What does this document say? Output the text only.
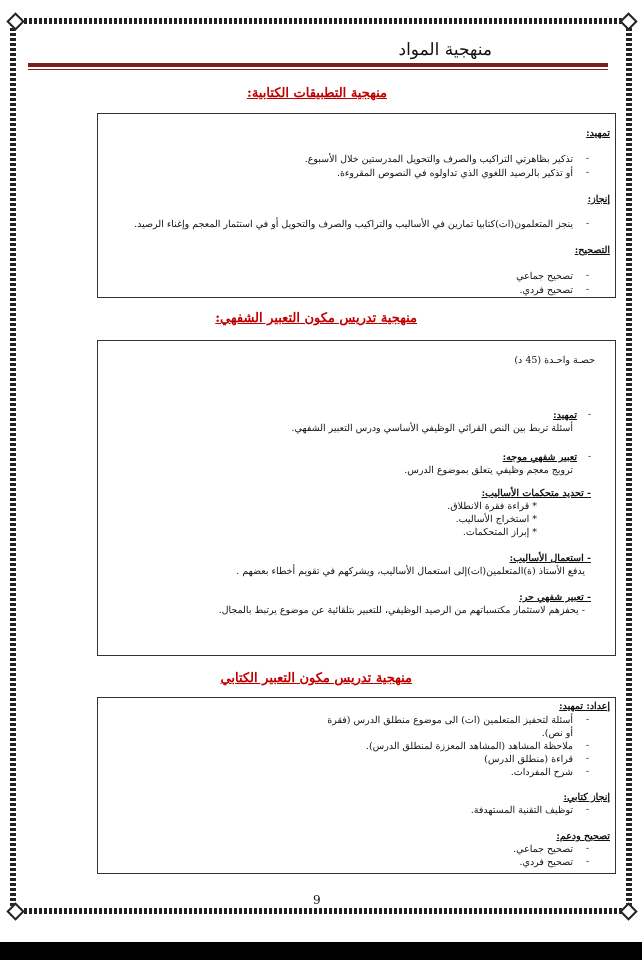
منهجية المواد
منهجية التطبيقات الكتابية:
تمهيد:
-
تذكير بظاهرتي التراكيب والصرف والتحويل المدرستين خلال الأسبوع.
-
أو تذكير بالرصيد اللغوي الذي تداولوه في النصوص المقروءة.
إنجاز:
-
ينجز المتعلمون(ات)كتابيا تمارين في الأساليب والتراكيب والصرف والتحويل أو في استثمار المعجم وإغناء الرصيد.
التصحيح:
-
تصحيح جماعي
-
تصحيح فردي.
منهجية تدريس مكون التعبير الشفهي:
حصـة واحـدة (45 د)
-
تمهيد:
أسئلة تربط بين النص القرائي الوظيفي الأساسي ودرس التعبير الشفهي.
-
تعبير شفهي موجه:
ترويج معجم وظيفي يتعلق بموضوع الدرس.
- تحديد متحكمات الأساليب:
* قراءة فقرة الانطلاق.
* استخراج الأساليب.
* إبراز المتحكمات.
- استعمال الأساليب:
يدفع الأستاذ (ة)المتعلمين(ات)إلى استعمال الأساليب، ويشركهم في تقويم أخطاء بعضهم .
- تعبير شفهي حر:
- يحفزهم لاستثمار مكتسباتهم من الرصيد الوظيفي، للتعبير بتلقائية عن موضوع يرتبط بالمجال.
منهجية تدريس مكون التعبير الكتابي
إعداد: تمهيد:
-
أسئلة لتحفيز المتعلمين (ات) الى موضوع منطلق الدرس (فقرة
أو نص).
-
ملاحظة المشاهد (المشاهد المعززة لمنطلق الدرس).
-
قراءة (منطلق الدرس)
-
شرح المفردات.
إنجاز كتابي:
-
توظيف التقنية المستهدفة.
تصحيح ودعم:
-
تصحيح جماعي.
-
تصحيح فردي.
9
